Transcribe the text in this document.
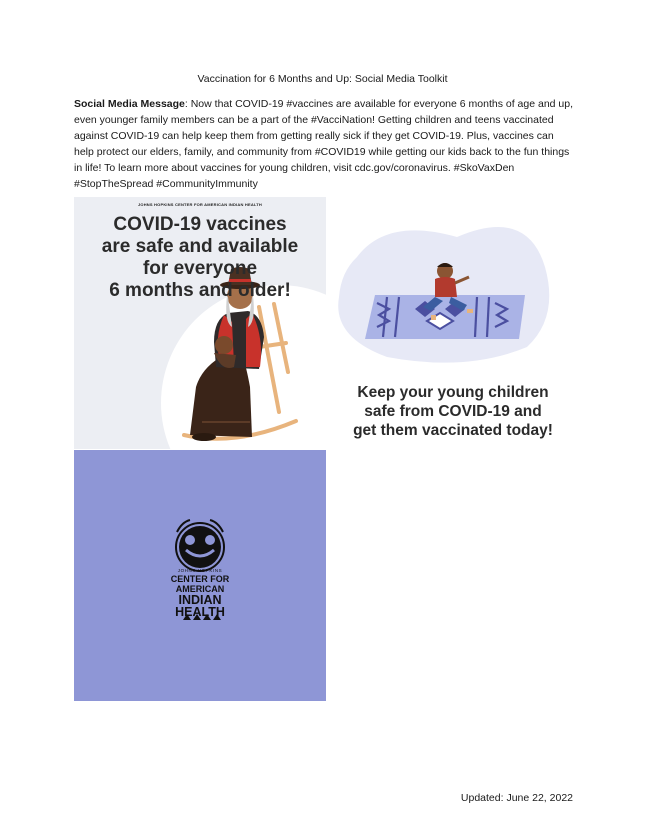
Vaccination for 6 Months and Up: Social Media Toolkit
Social Media Message: Now that COVID-19 #vaccines are available for everyone 6 months of age and up, even younger family members can be a part of the #VacciNation! Getting children and teens vaccinated against COVID-19 can help keep them from getting really sick if they get COVID-19. Plus, vaccines can help protect our elders, family, and community from #COVID19 while getting our kids back to the fun things in life! To learn more about vaccines for young children, visit cdc.gov/coronavirus. #SkoVaxDen #StopTheSpread #CommunityImmunity
JOHNS HOPKINS CENTER FOR AMERICAN INDIAN HEALTH
COVID-19 vaccines
are safe and available
for everyone
6 months and older!
Keep your young children
safe from COVID-19 and
get them vaccinated today!
JOHNS HOPKINS
CENTER FOR
AMERICAN
INDIAN
HEALTH
Updated: June 22, 2022
